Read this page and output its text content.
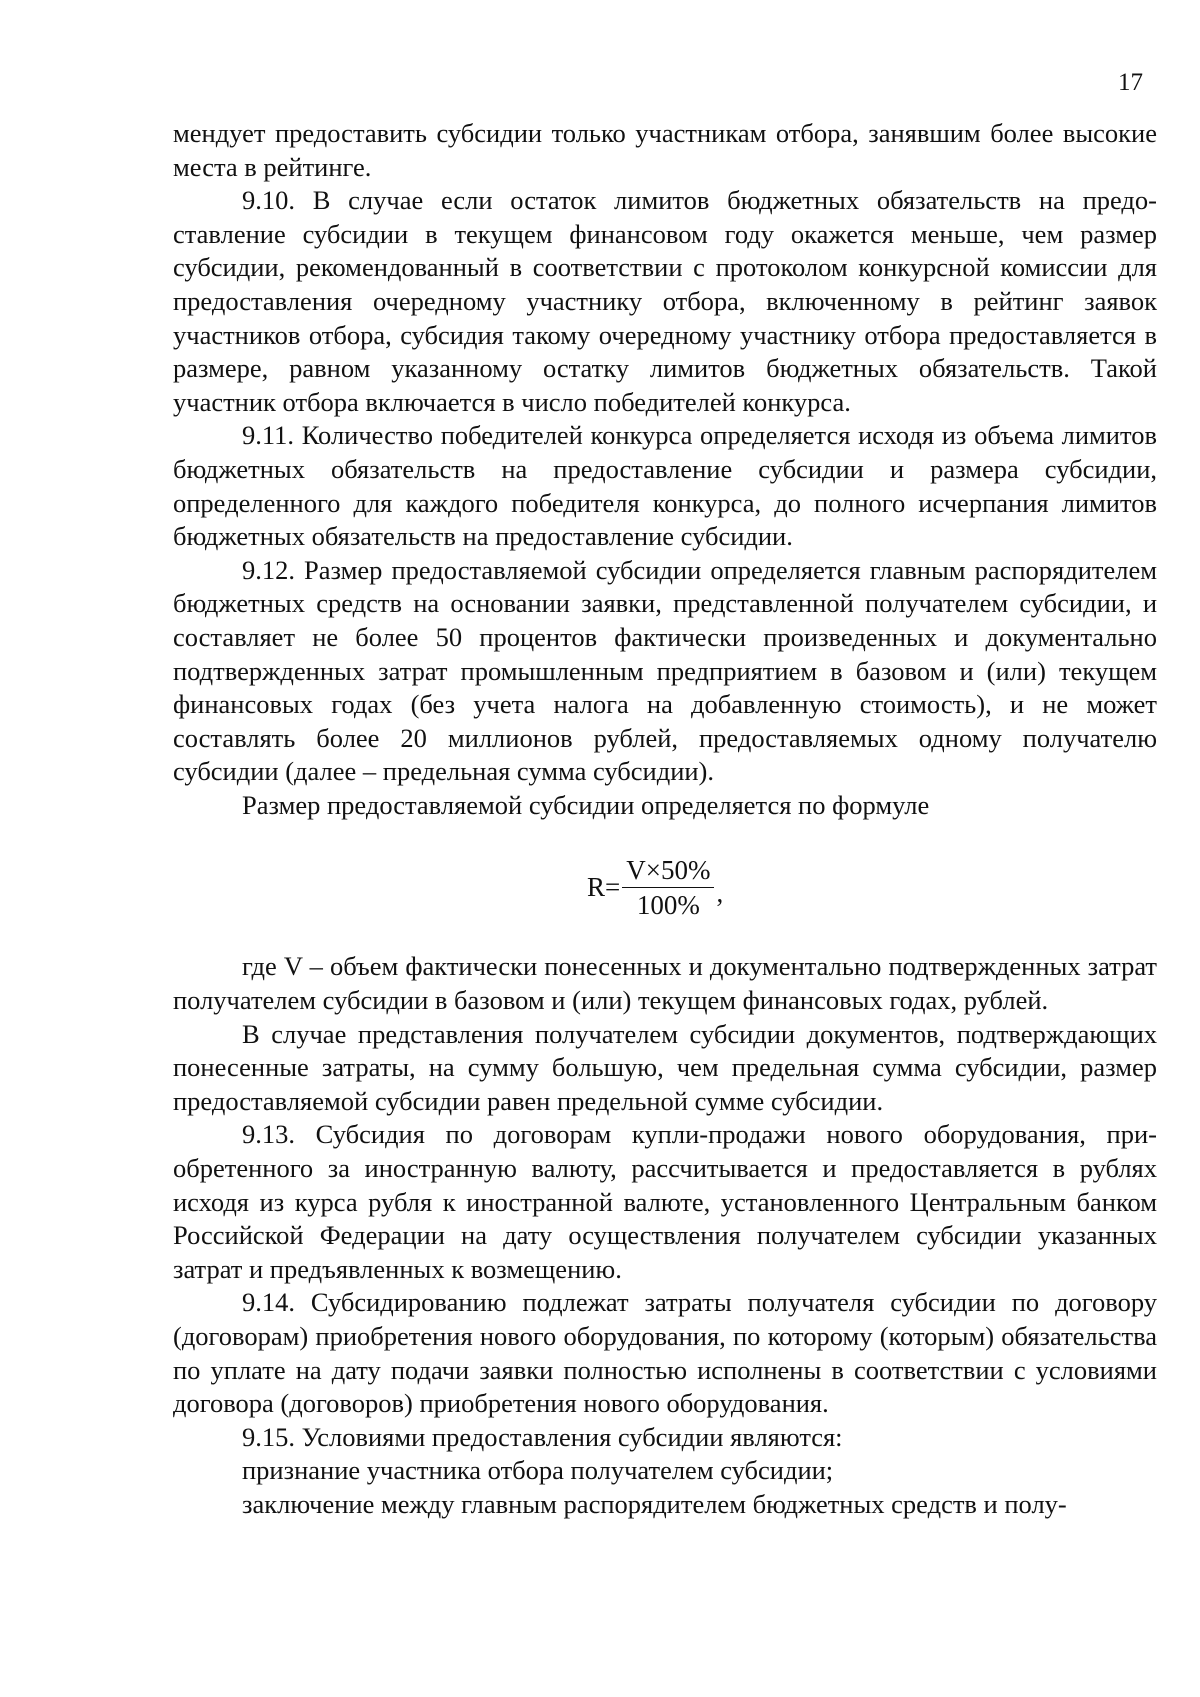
17

мендует предоставить субсидии только участникам отбора, занявшим более высокие места в рейтинге.

9.10. В случае если остаток лимитов бюджетных обязательств на предоставление субсидии в текущем финансовом году окажется меньше, чем размер субсидии, рекомендованный в соответствии с протоколом конкурсной комиссии для предоставления очередному участнику отбора, включенному в рейтинг заявок участников отбора, субсидия такому очередному участнику отбора предоставляется в размере, равном указанному остатку лимитов бюджетных обязательств. Такой участник отбора включается в число победителей конкурса.

9.11. Количество победителей конкурса определяется исходя из объема лимитов бюджетных обязательств на предоставление субсидии и размера субсидии, определенного для каждого победителя конкурса, до полного исчерпания лимитов бюджетных обязательств на предоставление субсидии.

9.12. Размер предоставляемой субсидии определяется главным распорядителем бюджетных средств на основании заявки, представленной получателем субсидии, и составляет не более 50 процентов фактически произведенных и документально подтвержденных затрат промышленным предприятием в базовом и (или) текущем финансовых годах (без учета налога на добавленную стоимость), и не может составлять более 20 миллионов рублей, предоставляемых одному получателю субсидии (далее – предельная сумма субсидии).

Размер предоставляемой субсидии определяется по формуле

$R= \frac{V\times 50\%}{100\%}$ ,

где V – объем фактически понесенных и документально подтвержденных затрат получателем субсидии в базовом и (или) текущем финансовых годах, рублей.

В случае представления получателем субсидии документов, подтверждающих понесенные затраты, на сумму большую, чем предельная сумма субсидии, размер предоставляемой субсидии равен предельной сумме субсидии.

9.13. Субсидия по договорам купли-продажи нового оборудования, приобретенного за иностранную валюту, рассчитывается и предоставляется в рублях исходя из курса рубля к иностранной валюте, установленного Центральным банком Российской Федерации на дату осуществления получателем субсидии указанных затрат и предъявленных к возмещению.

9.14. Субсидированию подлежат затраты получателя субсидии по договору (договорам) приобретения нового оборудования, по которому (которым) обязательства по уплате на дату подачи заявки полностью исполнены в соответствии с условиями договора (договоров) приобретения нового оборудования.

9.15. Условиями предоставления субсидии являются:

признание участника отбора получателем субсидии;

заключение между главным распорядителем бюджетных средств и полу-
